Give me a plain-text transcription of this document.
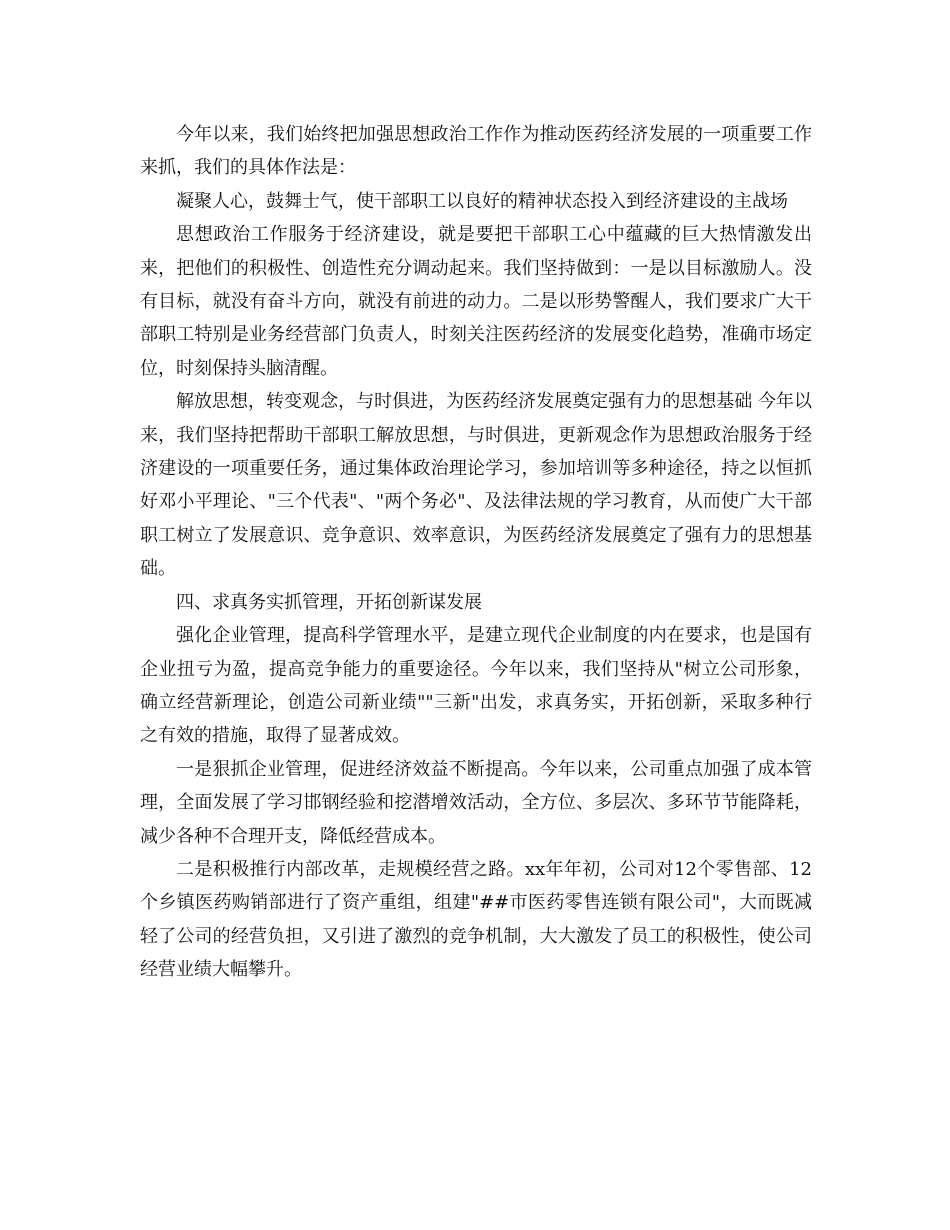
今年以来，我们始终把加强思想政治工作作为推动医药经济发展的一项重要工作来抓，我们的具体作法是：

凝聚人心，鼓舞士气，使干部职工以良好的精神状态投入到经济建设的主战场

思想政治工作服务于经济建设，就是要把干部职工心中蕴藏的巨大热情激发出来，把他们的积极性、创造性充分调动起来。我们坚持做到：一是以目标激励人。没有目标，就没有奋斗方向，就没有前进的动力。二是以形势警醒人，我们要求广大干部职工特别是业务经营部门负责人，时刻关注医药经济的发展变化趋势，准确市场定位，时刻保持头脑清醒。

解放思想，转变观念，与时俱进，为医药经济发展奠定强有力的思想基础 今年以来，我们坚持把帮助干部职工解放思想，与时俱进，更新观念作为思想政治服务于经济建设的一项重要任务，通过集体政治理论学习，参加培训等多种途径，持之以恒抓好邓小平理论、"三个代表"、"两个务必"、及法律法规的学习教育，从而使广大干部职工树立了发展意识、竞争意识、效率意识，为医药经济发展奠定了强有力的思想基础。

四、求真务实抓管理，开拓创新谋发展

强化企业管理，提高科学管理水平，是建立现代企业制度的内在要求，也是国有企业扭亏为盈，提高竞争能力的重要途径。今年以来，我们坚持从"树立公司形象，确立经营新理论，创造公司新业绩""三新"出发，求真务实，开拓创新，采取多种行之有效的措施，取得了显著成效。

一是狠抓企业管理，促进经济效益不断提高。今年以来，公司重点加强了成本管理，全面发展了学习邯钢经验和挖潜增效活动，全方位、多层次、多环节节能降耗，减少各种不合理开支，降低经营成本。

二是积极推行内部改革，走规模经营之路。xx年年初，公司对12个零售部、12个乡镇医药购销部进行了资产重组，组建"##市医药零售连锁有限公司"，大而既减轻了公司的经营负担，又引进了激烈的竞争机制，大大激发了员工的积极性，使公司经营业绩大幅攀升。
